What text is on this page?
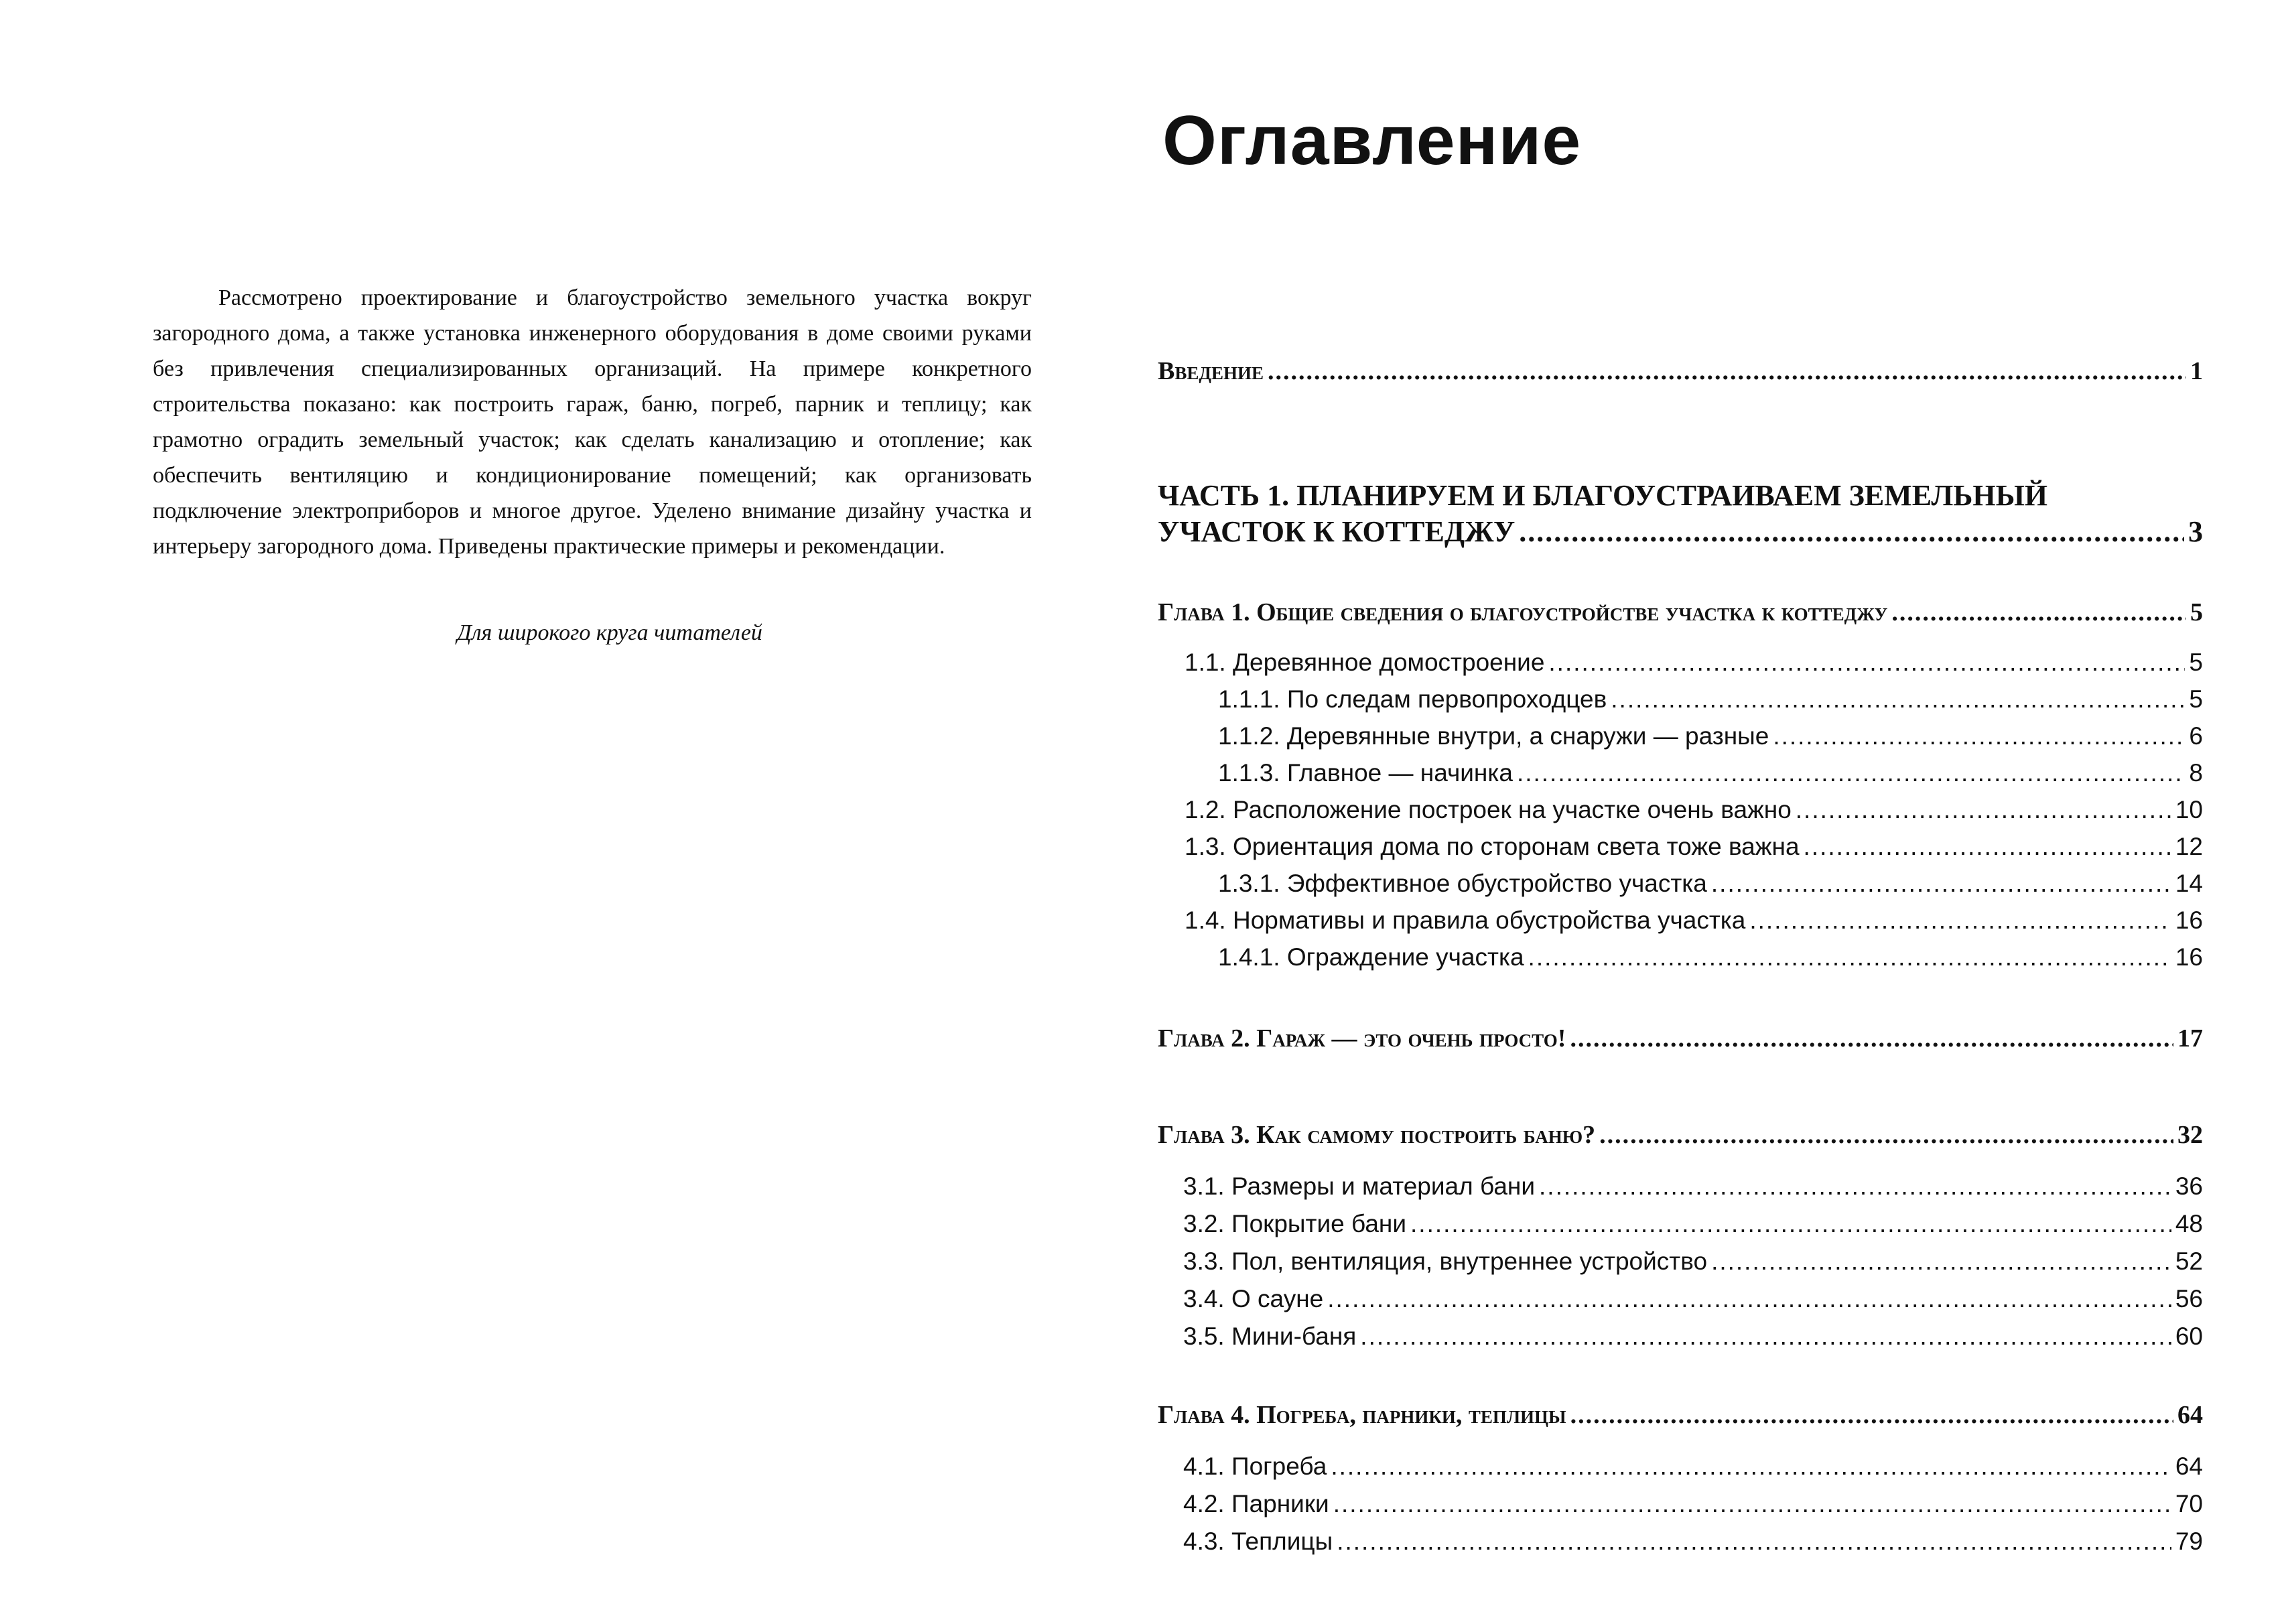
Рассмотрено проектирование и благоустройство земельного участка вокруг загородного дома, а также установка инженерного оборудования в доме своими руками без привлечения специализированных организаций. На примере конкретного строительства показано: как построить гараж, баню, погреб, парник и теплицу; как грамотно оградить земельный участок; как сделать канализацию и отопление; как обеспечить вентиляцию и кондиционирование помещений; как организовать подключение электроприборов и многое другое. Уделено внимание дизайну участка и интерьеру загородного дома. Приведены практические примеры и рекомендации.

Для широкого круга читателей

Оглавление
Введение .....	1
ЧАСТЬ 1. ПЛАНИРУЕМ И БЛАГОУСТРАИВАЕМ ЗЕМЕЛЬНЫЙ
УЧАСТОК К КОТТЕДЖУ .....	3
Глава 1. Общие сведения о благоустройстве участка к коттеджу .....	5
1.1. Деревянное домостроение .....	5
1.1.1. По следам первопроходцев .....	5
1.1.2. Деревянные внутри, а снаружи — разные .....	6
1.1.3. Главное — начинка .....	8
1.2. Расположение построек на участке очень важно .....	10
1.3. Ориентация дома по сторонам света тоже важна .....	12
1.3.1. Эффективное обустройство участка .....	14
1.4. Нормативы и правила обустройства участка .....	16
1.4.1. Ограждение участка .....	16
Глава 2. Гараж — это очень просто! .....	17
Глава 3. Как самому построить баню? .....	32
3.1. Размеры и материал бани .....	36
3.2. Покрытие бани .....	48
3.3. Пол, вентиляция, внутреннее устройство .....	52
3.4. О сауне .....	56
3.5. Мини-баня .....	60
Глава 4. Погреба, парники, теплицы .....	64
4.1. Погреба .....	64
4.2. Парники .....	70
4.3. Теплицы .....	79
